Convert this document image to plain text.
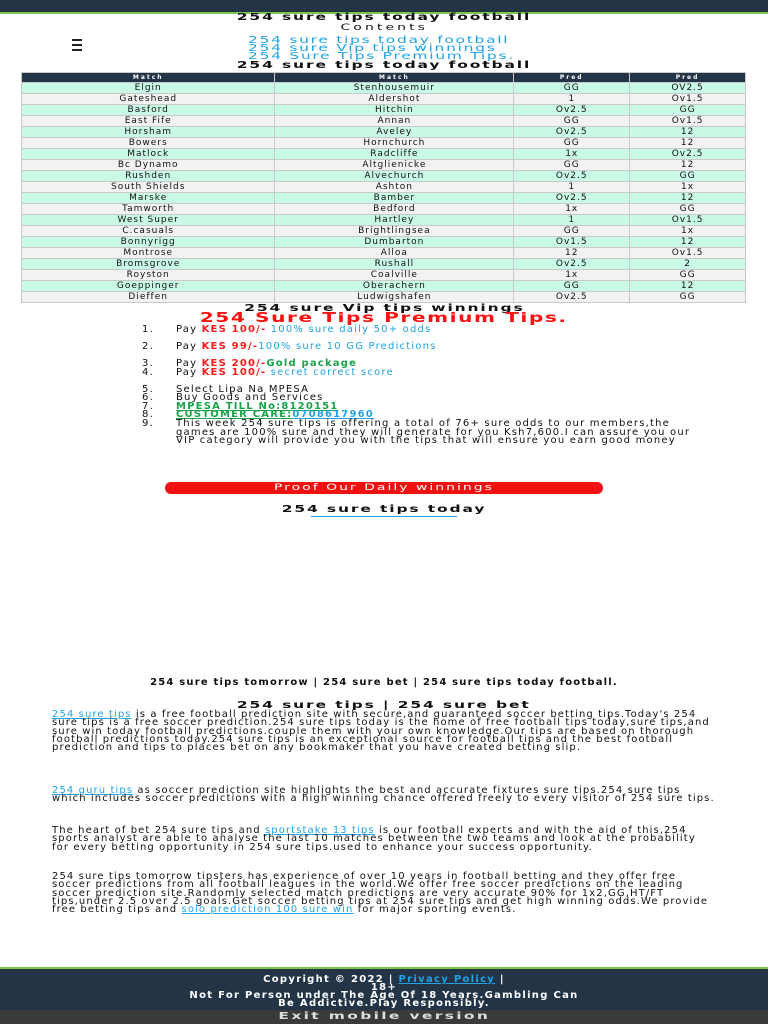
254 sure tips today football
Contents
254 sure tips today football
254 sure Vip tips winnings
254 Sure Tips Premium Tips.
254 sure tips today football
Match	Match	Pred	Pred
Elgin	Stenhousemuir	GG	OV2.5
Gateshead	Aldershot	1	Ov1.5
Basford	Hitchin	Ov2.5	GG
East Fife	Annan	GG	Ov1.5
Horsham	Aveley	Ov2.5	12
Bowers	Hornchurch	GG	12
Matlock	Radcliffe	1x	Ov2.5
Bc Dynamo	Altglienicke	GG	12
Rushden	Alvechurch	Ov2.5	GG
South Shields	Ashton	1	1x
Marske	Bamber	Ov2.5	12
Tamworth	Bedford	1x	GG
West Super	Hartley	1	Ov1.5
C.casuals	Brightlingsea	GG	1x
Bonnyrigg	Dumbarton	Ov1.5	12
Montrose	Alloa	12	Ov1.5
Bromsgrove	Rushall	Ov2.5	2
Royston	Coalville	1x	GG
Goeppinger	Oberachern	GG	12
Dieffen	Ludwigshafen	Ov2.5	GG
254 sure Vip tips winnings
254 Sure Tips Premium Tips.
1. Pay KES 100/- 100% sure daily 50+ odds
2. Pay KES 99/-100% sure 10 GG Predictions
3. Pay KES 200/-Gold package
4. Pay KES 100/- secret correct score
5. Select Lipa Na MPESA
6. Buy Goods and Services
7. MPESA TILL No:8120151
8. CUSTOMER CARE:0708617960
9. This week 254 sure tips is offering a total of 76+ sure odds to our members,the games are 100% sure and they will generate for you Ksh7,600.I can assure you our VIP category will provide you with the tips that will ensure you earn good money
Proof Our Daily winnings
254 sure tips today
254 sure tips tomorrow | 254 sure bet | 254 sure tips today football.
254 sure tips | 254 sure bet

254 sure tips is a free football prediction site with secure,and guaranteed soccer betting tips.Today's 254 sure tips is a free soccer prediction.254 sure tips today is the home of free football tips today,sure tips,and sure win today football predictions.couple them with your own knowledge.Our tips are based on thorough football predictions today.254 sure tips is an exceptional source for football tips and the best football prediction and tips to places bet on any bookmaker that you have created betting slip.

254 guru tips as soccer prediction site highlights the best and accurate fixtures sure tips.254 sure tips which includes soccer predictions with a high winning chance offered freely to every visitor of 254 sure tips.

The heart of bet 254 sure tips and sportstake 13 tips is our football experts and with the aid of this,254 sports analyst are able to analyse the last 10 matches between the two teams and look at the probability for every betting opportunity in 254 sure tips.used to enhance your success opportunity.

254 sure tips tomorrow tipsters has experience of over 10 years in football betting and they offer free soccer predictions from all football leagues in the world.We offer free soccer predictions on the leading soccer prediction site.Randomly selected match predictions are very accurate 90% for 1x2,GG,HT/FT tips,under 2.5 over 2.5 goals.Get soccer betting tips at 254 sure tips and get high winning odds.We provide free betting tips and solo prediction 100 sure win for major sporting events.

Copyright © 2022 | Privacy Policy |
18+
Not For Person under The Age Of 18 Years.Gambling Can
Be Addictive.Play Responsibly.
Exit mobile version
